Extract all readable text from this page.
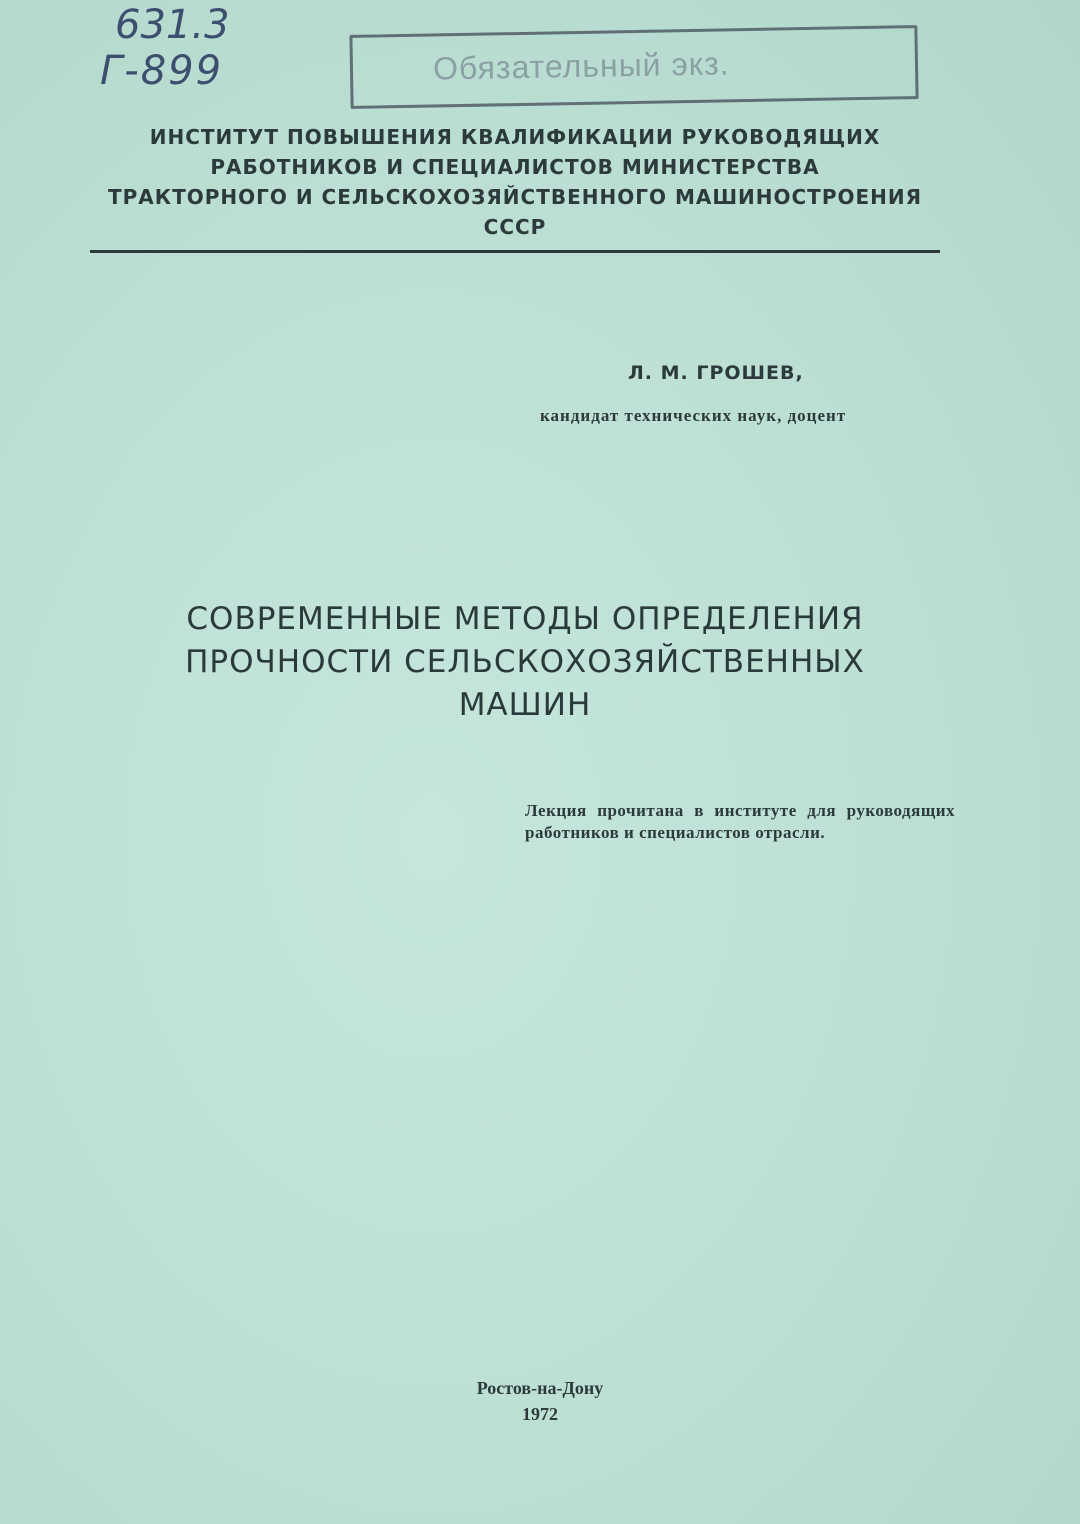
631.3
Г-899	Обязательный экз.
ИНСТИТУТ ПОВЫШЕНИЯ КВАЛИФИКАЦИИ РУКОВОДЯЩИХ
РАБОТНИКОВ И СПЕЦИАЛИСТОВ МИНИСТЕРСТВА
ТРАКТОРНОГО И СЕЛЬСКОХОЗЯЙСТВЕННОГО МАШИНОСТРОЕНИЯ
СССР
Л. М. ГРОШЕВ,
кандидат технических наук, доцент
СОВРЕМЕННЫЕ МЕТОДЫ ОПРЕДЕЛЕНИЯ
ПРОЧНОСТИ СЕЛЬСКОХОЗЯЙСТВЕННЫХ
МАШИН
Лекция прочитана в институте для руководящих работников и специалистов отрасли.
Ростов-на-Дону
1972
